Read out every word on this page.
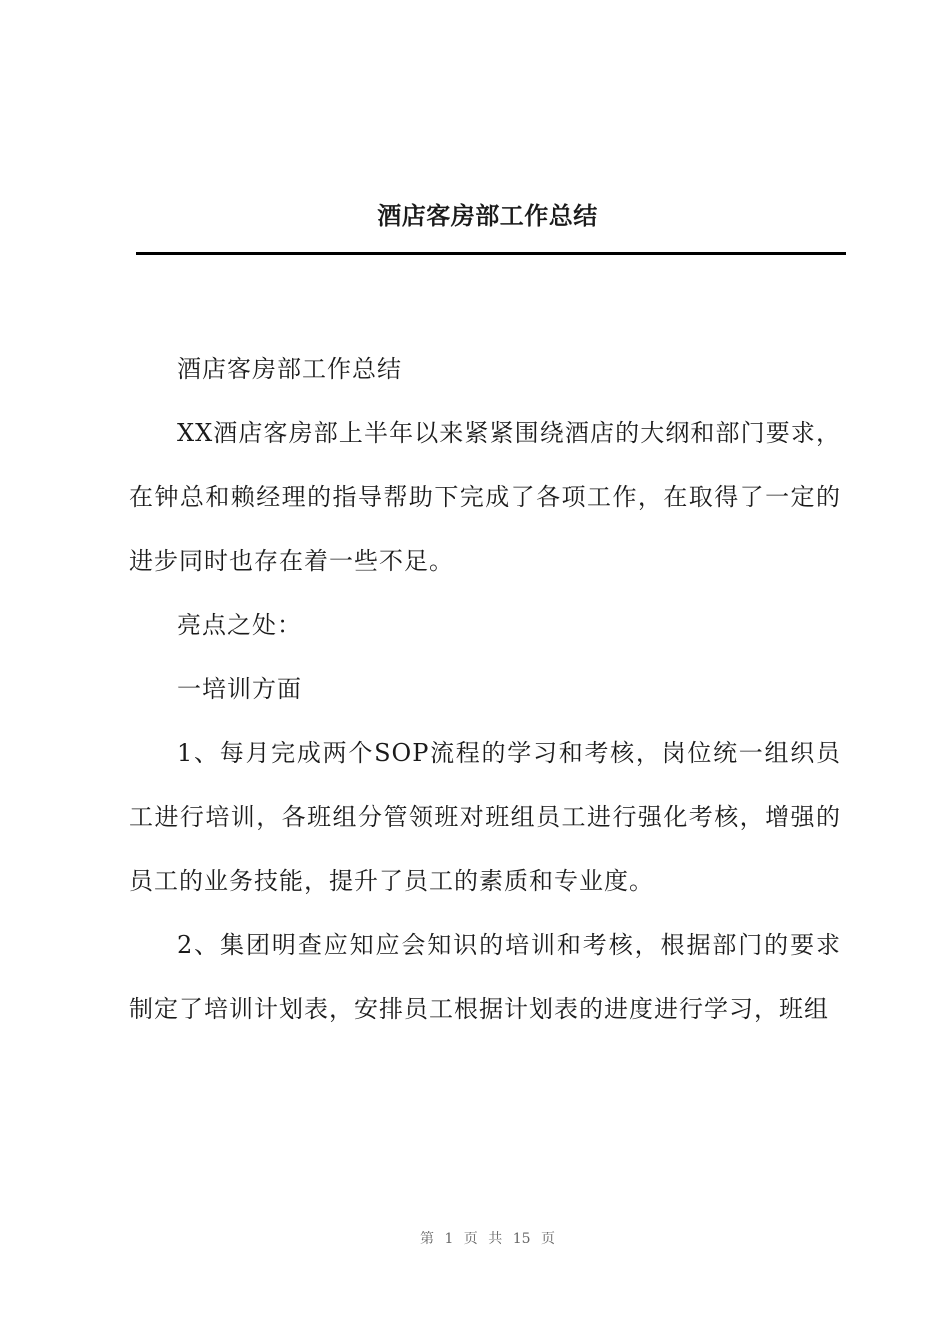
酒店客房部工作总结

酒店客房部工作总结

XX酒店客房部上半年以来紧紧围绕酒店的大纲和部门要求，在钟总和赖经理的指导帮助下完成了各项工作，在取得了一定的进步同时也存在着一些不足。

亮点之处：

一培训方面

1、每月完成两个SOP流程的学习和考核，岗位统一组织员工进行培训，各班组分管领班对班组员工进行强化考核，增强的员工的业务技能，提升了员工的素质和专业度。

2、集团明查应知应会知识的培训和考核，根据部门的要求制定了培训计划表，安排员工根据计划表的进度进行学习，班组

第 1 页 共 15 页
